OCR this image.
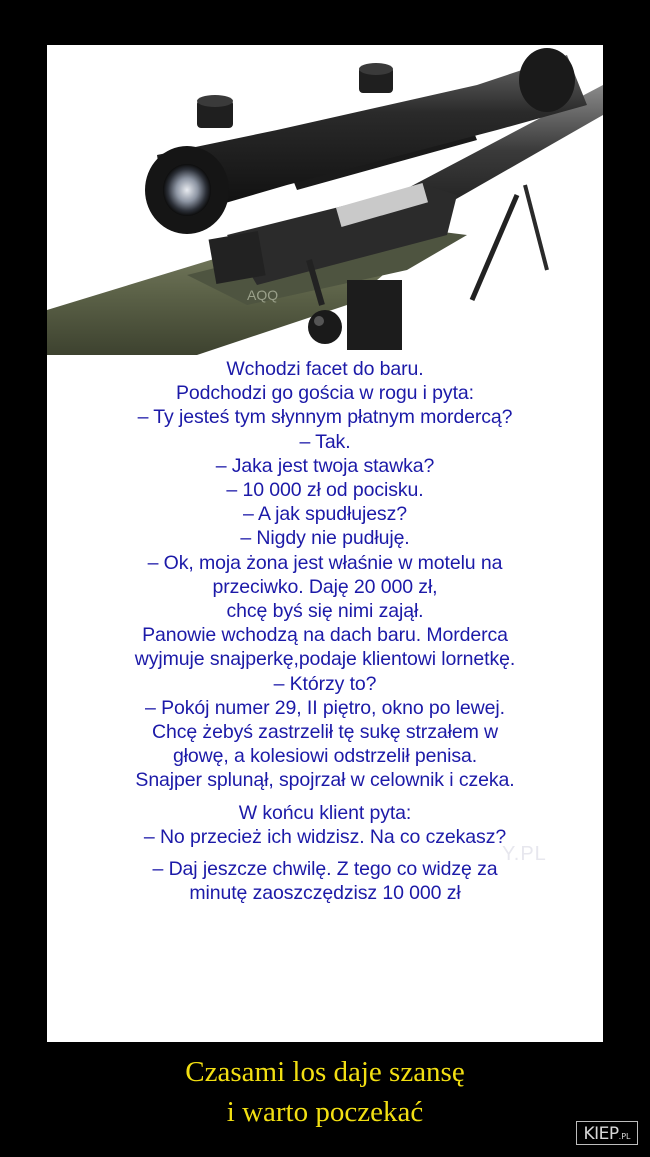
AQQ
Wchodzi facet do baru.
Podchodzi go gościa w rogu i pyta:
– Ty jesteś tym słynnym płatnym mordercą?
– Tak.
– Jaka jest twoja stawka?
– 10 000 zł od pocisku.
– A jak spudłujesz?
– Nigdy nie pudłuję.
– Ok, moja żona jest właśnie w motelu na
przeciwko. Daję 20 000 zł,
chcę byś się nimi zajął.
Panowie wchodzą na dach baru. Morderca
wyjmuje snajperkę,podaje klientowi lornetkę.
– Którzy to?
– Pokój numer 29, II piętro, okno po lewej.
Chcę żebyś zastrzelił tę sukę strzałem w
głowę, a kolesiowi odstrzelił penisa.
Snajper splunął, spojrzał w celownik i czeka.
W końcu klient pyta:
– No przecież ich widzisz. Na co czekasz?
– Daj jeszcze chwilę. Z tego co widzę za
minutę zaoszczędzisz 10 000 zł
Y.PL
Czasami los daje szansę
i warto poczekać
KIEP.PL
